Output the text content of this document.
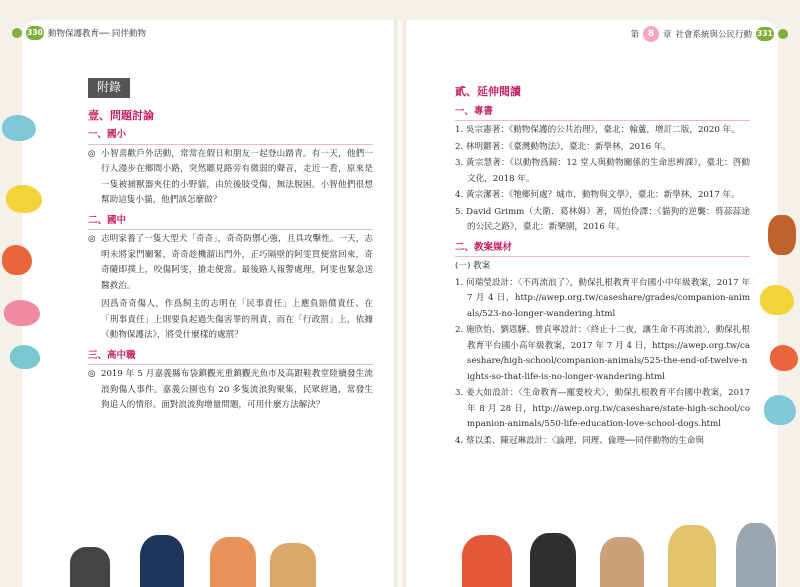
330 動物保護教育── 同伴動物	第 8	章 社會系統與公民行動 331
附錄
壹、問題討論
一、國小

◎ 小智喜歡戶外活動，常常在假日和朋友一起登山踏青。有一天，他們一行人漫步在鄉間小路，突然聽見路旁有微弱的聲音，走近一看，原來是一隻被捕獸器夾住的小野貓，由於後肢受傷，無法脫困。小智他們很想幫助這隻小貓，他們該怎麼做？

二、國中

◎ 志明家養了一隻大型犬「奇奇」，奇奇防禦心強，且具攻擊性。一天，志明未將家門關緊，奇奇趁機溜出門外，正巧隔壁的阿雯買便當回來，奇奇隨即撲上，咬傷阿雯，搶走便當。最後路人報警處理，阿雯也緊急送醫救治。

因爲奇奇傷人，作爲飼主的志明在「民事責任」上應負賠償責任、在「刑事責任」上則要負起過失傷害罪的刑責，而在「行政罰」上，依據《動物保護法》，將受什麼樣的處罰？

三、高中職

◎ 2019 年 5 月嘉義縣布袋鎮觀光重鎮觀光魚市及高跟鞋教堂陸續發生流浪狗傷人事件。嘉義公園也有 20 多隻流浪狗聚集，民眾經過，常發生狗追人的情形。面對浪流狗增量問題，可用什麼方法解決？

貳、延伸閱讀
一、專書

1. 吳宗憲著：《動物保護的公共治理》，臺北：翰蘆，增訂二版，2020 年。

2. 林明鏘著：《臺灣動物法》，臺北：新學林，2016 年。

3. 黃宗慧著：《以動物爲鏡：12 堂人與動物關係的生命思辨課》，臺北：啓動文化，2018 年。

4. 黃宗潔著：《牠鄉何處？城市．動物與文學》，臺北：新學林，2017 年。

5. David Grimm（大衛．葛林姆）著，周怡伶譯：《貓狗的逆襲：剪蒜蒜途的公民之路》，臺北：新樂園，2016 年。

二、教案媒材
(一) 教案

1. 何瑞瑩設計：〈不再流浪了〉，動保扎根教育平台國小中年級教案，2017 年 7 月 4 日，http://awep.org.tw/caseshare/grades/companion-animals/523-no-longer-wandering.html

2. 施欣怡、劉恩驊、曾貞寧設計：〈終止十二夜，讓生命不再流浪〉，動保扎根教育平台國小高年級教案，2017 年 7 月 4 日，https://awep.org.tw/caseshare/high-school/companion-animals/525-the-end-of-twelve-nights-so-that-life-is-no-longer-wandering.html

3. 姜大如設計：〈生命教育—寵愛校犬〉，動保扎根教育平台國中教案，2017 年 8 月 28 日，http://awep.org.tw/caseshare/state-high-school/companion-animals/550-life-education-love-school-dogs.html

4. 蔡以柔、陳冠琳設計：〈論理、同理、倫理──同伴動物的生命與
